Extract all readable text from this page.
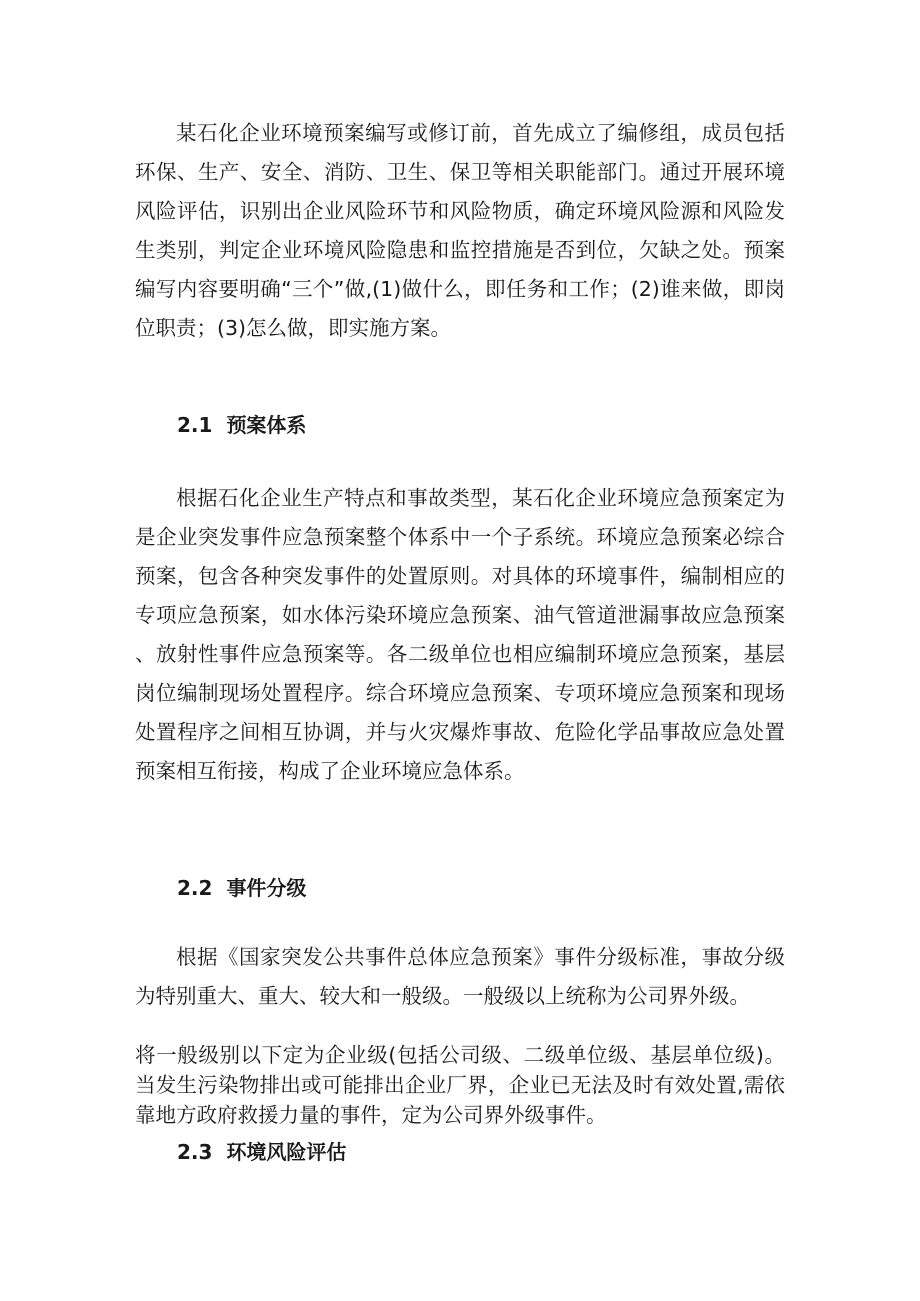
某石化企业环境预案编写或修订前，首先成立了编修组，成员包括环保、生产、安全、消防、卫生、保卫等相关职能部门。通过开展环境风险评估，识别出企业风险环节和风险物质，确定环境风险源和风险发生类别，判定企业环境风险隐患和监控措施是否到位，欠缺之处。预案编写内容要明确“三个”做,(1)做什么，即任务和工作；(2)谁来做，即岗位职责；(3)怎么做，即实施方案。

2.1 预案体系

根据石化企业生产特点和事故类型，某石化企业环境应急预案定为是企业突发事件应急预案整个体系中一个子系统。环境应急预案必综合预案，包含各种突发事件的处置原则。对具体的环境事件，编制相应的专项应急预案，如水体污染环境应急预案、油气管道泄漏事故应急预案、放射性事件应急预案等。各二级单位也相应编制环境应急预案，基层岗位编制现场处置程序。综合环境应急预案、专项环境应急预案和现场处置程序之间相互协调，并与火灾爆炸事故、危险化学品事故应急处置预案相互衔接，构成了企业环境应急体系。

2.2 事件分级

根据《国家突发公共事件总体应急预案》事件分级标准，事故分级为特别重大、重大、较大和一般级。一般级以上统称为公司界外级。

将一般级别以下定为企业级(包括公司级、二级单位级、基层单位级)。当发生污染物排出或可能排出企业厂界，企业已无法及时有效处置,需依靠地方政府救援力量的事件，定为公司界外级事件。

2.3 环境风险评估
